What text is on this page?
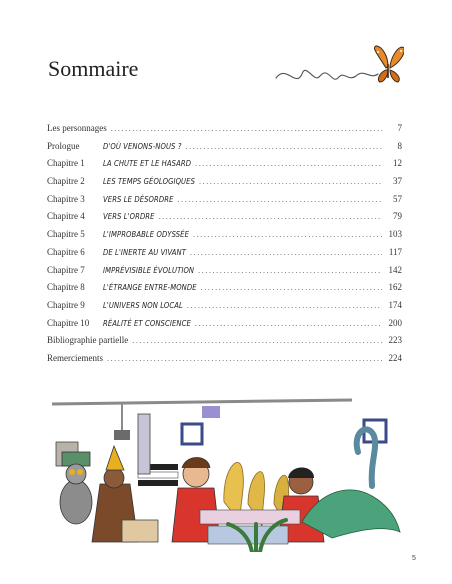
Sommaire
Les personnages .....	7
Prologue	D'OÙ VENONS-NOUS ? .....	8
Chapitre 1	LA CHUTE ET LE HASARD .....	12
Chapitre 2	LES TEMPS GÉOLOGIQUES .....	37
Chapitre 3	VERS LE DÉSORDRE .....	57
Chapitre 4	VERS L'ORDRE .....	79
Chapitre 5	L'IMPROBABLE ODYSSÉE .....	103
Chapitre 6	DE L'INERTE AU VIVANT .....	117
Chapitre 7	IMPRÉVISIBLE ÉVOLUTION .....	142
Chapitre 8	L'ÉTRANGE ENTRE-MONDE .....	162
Chapitre 9	L'UNIVERS NON LOCAL .....	174
Chapitre 10	RÉALITÉ ET CONSCIENCE .....	200
Bibliographie partielle .....	223
Remerciements .....	224
5
